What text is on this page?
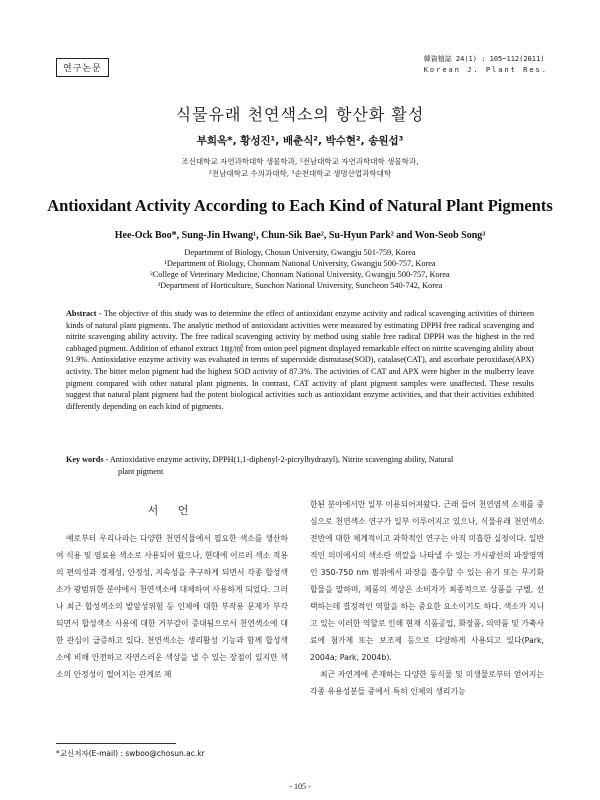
연구논문
韓資植誌 24(1) : 105~112(2011)
Korean J. Plant Res.
식물유래 천연색소의 항산화 활성
부희옥*, 황성진¹, 배춘식², 박수현², 송원섭³
조선대학교 자연과학대학 생물학과, ¹전남대학교 자연과학대학 생물학과,
²전남대학교 수의과대학, ³순천대학교 생명산업과학대학
Antioxidant Activity According to Each Kind of Natural Plant Pigments
Hee-Ock Boo*, Sung-Jin Hwang¹, Chun-Sik Bae², Su-Hyun Park² and Won-Seob Song³
Department of Biology, Chosun University, Gwangju 501-759, Korea
¹Department of Biology, Chonnam National University, Gwangju 500-757, Korea
²College of Veterinary Medicine, Chonnam National University, Gwangju 500-757, Korea
³Department of Horticulture, Sunchon National University, Suncheon 540-742, Korea
Abstract - The objective of this study was to determine the effect of antioxidant enzyme activity and radical scavenging activities of thirteen kinds of natural plant pigments. The analytic method of antioxidant activities were measured by estimating DPPH free radical scavenging and nitrite scavenging ability activity. The free radical scavenging activity by method using stable free radical DPPH was the highest in the red cabbaged pigment. Addition of ethanol extract 1㎎/㎖ from onion peel pigment displayed remarkable effect on nitrite scavenging ability about 91.9%. Antioxidative enzyme activity was evaluated in terms of superoxide dismutase(SOD), catalase(CAT), and ascorbate peroxidase(APX) activity. The bitter melon pigment had the highest SOD activity of 87.3%. The activities of CAT and APX were higher in the mulberry leave pigment compared with other natural plant pigments. In contrast, CAT activity of plant pigment samples were unaffected. These results suggest that natural plant pigment had the potent biological activities such as antioxidant enzyme activities, and that their activities exhibited differently depending on each kind of pigments.
Key words - Antioxidative enzyme activity, DPPH(1,1-diphenyl-2-picrylhydrazyl), Nitrite scavenging ability, Natural
plant pigment
서 언

예로부터 우리나라는 다양한 천연식물에서 필요한 색소를 생산하여 식용 및 염료용 색소로 사용되어 왔으나, 현대에 이르러 색소 적용의 편의성과 경제성, 안정성, 지속성을 추구하게 되면서 각종 합성색소가 광범위한 분야에서 천연색소에 대체하여 사용하게 되었다. 그러나 최근 합성색소의 발암성위험 등 인체에 대한 부작용 문제가 부각되면서 합성색소 사용에 대한 거부감이 증대됨으로서 천연색소에 대한 관심이 급증하고 있다. 천연색소는 생리활성 기능과 함께 합성색소에 비해 안전하고 자연스러운 색상을 낼 수 있는 장점이 있지만 색소의 안정성이 떨어지는 관계로 제

한된 분야에서만 일부 이용되어져왔다. 근래 들어 천연염색 소재를 중심으로 천연색소 연구가 일부 이루어지고 있으나, 식물유래 천연색소 전반에 대한 체계적이고 과학적인 연구는 아직 미흡한 실정이다. 일반적인 의미에서의 색소란 색깔을 나타낼 수 있는 가시광선의 파장영역인 350-750 nm 범위에서 파장을 흡수할 수 있는 유기 또는 무기화합물을 말하며, 제품의 색상은 소비자가 최종적으로 상품을 구별, 선택하는데 결정적인 역할을 하는 중요한 요소이기도 하다. 색소가 지니고 있는 이러한 역할로 인해 현재 식품공업, 화장품, 의약품 및 가축사료에 첨가제 또는 보조제 등으로 다양하게 사용되고 있다(Park, 2004a; Park, 2004b).

최근 자연계에 존재하는 다양한 동식물 및 미생물로부터 얻어지는 각종 유용성분들 중에서 특히 인체의 생리기능

*교신저자(E-mail) : swboo@chosun.ac.kr
- 105 -
